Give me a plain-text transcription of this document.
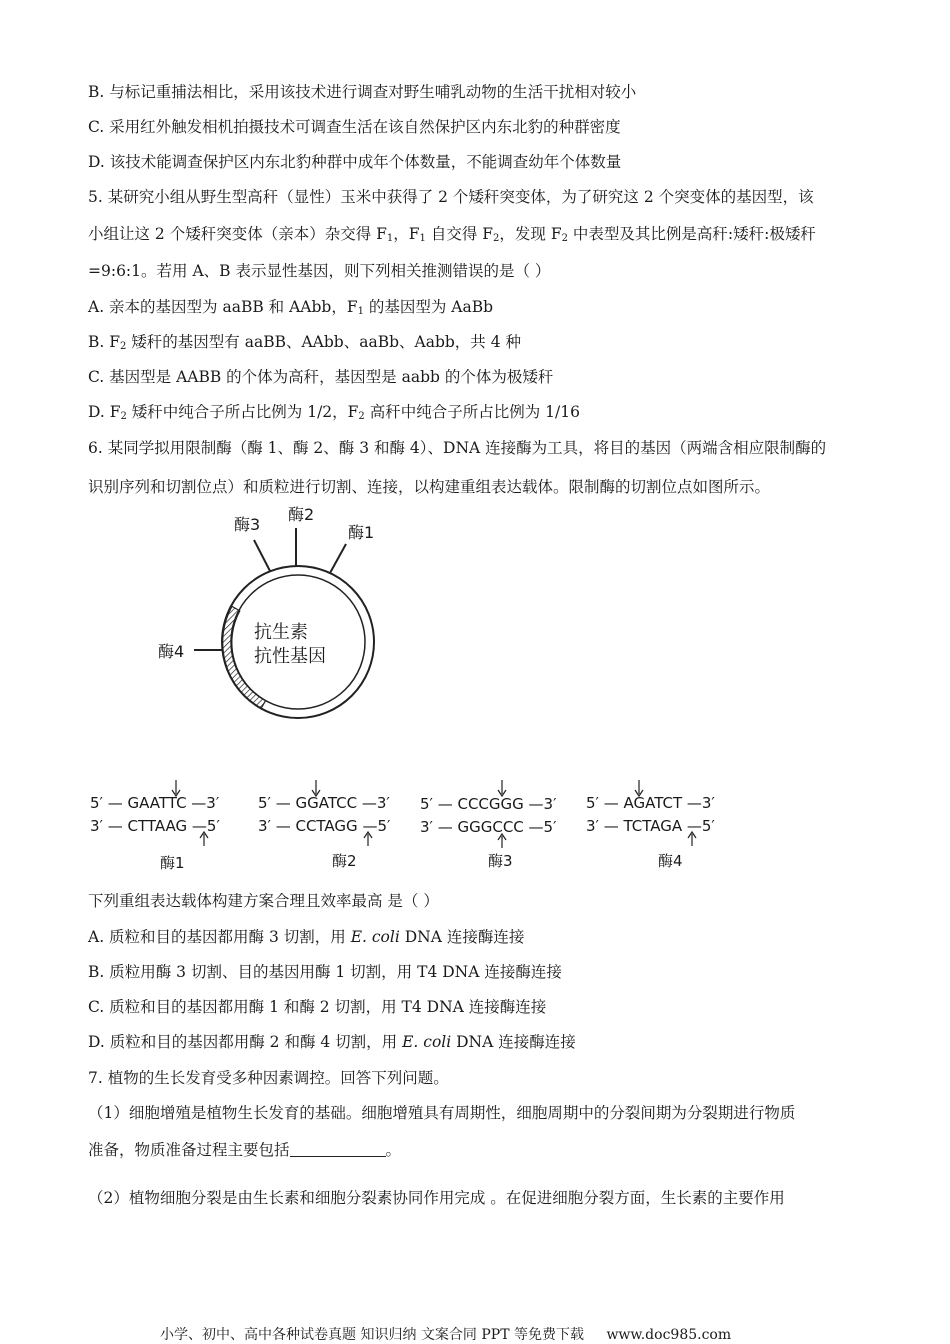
B. 与标记重捕法相比，采用该技术进行调查对野生哺乳动物的生活干扰相对较小
C. 采用红外触发相机拍摄技术可调查生活在该自然保护区内东北豹的种群密度
D. 该技术能调查保护区内东北豹种群中成年个体数量，不能调查幼年个体数量
5. 某研究小组从野生型高秆（显性）玉米中获得了 2 个矮秆突变体，为了研究这 2 个突变体的基因型，该
小组让这 2 个矮秆突变体（亲本）杂交得 $F_1$，$F_1$ 自交得 $F_2$，发现 $F_2$ 中表型及其比例是高秆:矮秆:极矮秆
=9:6:1。若用 A、B 表示显性基因，则下列相关推测错误的是（ ）
A. 亲本的基因型为 aaBB 和 AAbb，$F_1$ 的基因型为 AaBb
B. $F_2$ 矮秆的基因型有 aaBB、AAbb、aaBb、Aabb，共 4 种
C. 基因型是 AABB 的个体为高秆，基因型是 aabb 的个体为极矮秆
D. $F_2$ 矮秆中纯合子所占比例为 1/2，$F_2$ 高秆中纯合子所占比例为 1/16
6. 某同学拟用限制酶（酶 1、酶 2、酶 3 和酶 4）、DNA 连接酶为工具，将目的基因（两端含相应限制酶的
识别序列和切割位点）和质粒进行切割、连接，以构建重组表达载体。限制酶的切割位点如图所示。
酶3
酶2
酶1
酶4
抗生素
抗性基因
5′ — GAATTC —3′
3′ — CTTAAG —5′
酶1
5′ — GGATCC —3′
3′ — CCTAGG —5′
酶2
5′ — CCCGGG —3′
3′ — GGGCCC —5′
酶3
5′ — AGATCT —3′
3′ — TCTAGA —5′
酶4
下列重组表达载体构建方案合理且效率最高 是（ ）
A. 质粒和目的基因都用酶 3 切割，用 E. coli DNA 连接酶连接
B. 质粒用酶 3 切割、目的基因用酶 1 切割，用 T4 DNA 连接酶连接
C. 质粒和目的基因都用酶 1 和酶 2 切割，用 T4 DNA 连接酶连接
D. 质粒和目的基因都用酶 2 和酶 4 切割，用 E. coli DNA 连接酶连接
7. 植物的生长发育受多种因素调控。回答下列问题。
（1）细胞增殖是植物生长发育的基础。细胞增殖具有周期性，细胞周期中的分裂间期为分裂期进行物质
准备，物质准备过程主要包括	。
（2）植物细胞分裂是由生长素和细胞分裂素协同作用完成 。在促进细胞分裂方面，生长素的主要作用
小学、初中、高中各种试卷真题 知识归纳 文案合同 PPT 等免费下载 www.doc985.com
